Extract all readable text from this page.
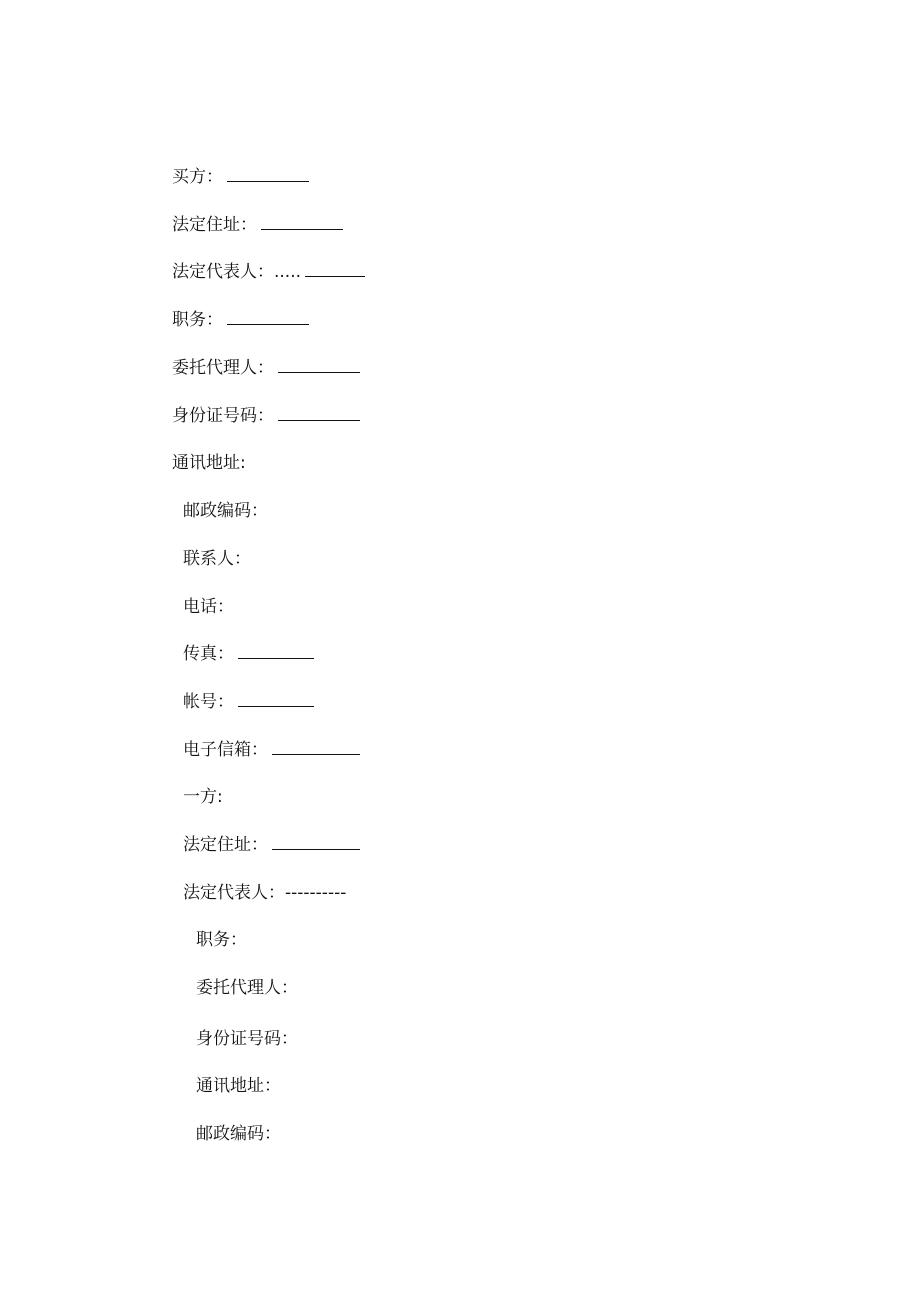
买方：
法定住址：
法定代表人：.....
职务：
委托代理人：
身份证号码：
通讯地址:
邮政编码：
联系人：
电话：
传真：
帐号：
电子信箱：
一方:
法定住址：
法定代表人：----------
职务：
委托代理人：
身份证号码：
通讯地址：
邮政编码：
